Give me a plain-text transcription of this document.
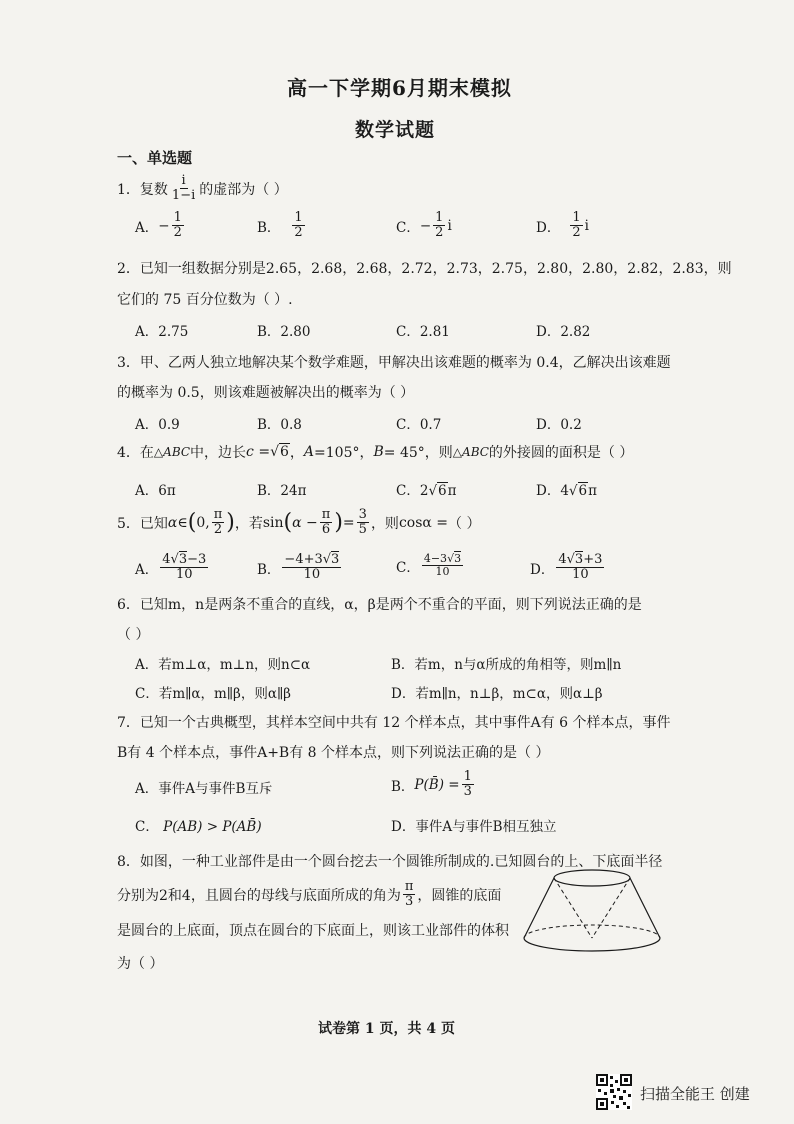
高一下学期6月期末模拟
数学试题
一、单选题
1．复数 $\frac{i}{1-i}$ 的虚部为（ ）
A． − $\frac{1}{2}$	B． $\frac{1}{2}$	C． − $\frac{1}{2}$ i	D． $\frac{1}{2}$ i
2．已知一组数据分别是2.65，2.68，2.68，2.72，2.73，2.75，2.80，2.80，2.82，2.83，则
它们的 75 百分位数为（ ）.
A．2.75	B．2.80	C．2.81	D．2.82
3．甲、乙两人独立地解决某个数学难题，甲解决出该难题的概率为 0.4，乙解决出该难题
的概率为 0.5，则该难题被解决出的概率为（ ）
A．0.9	B．0.8	C．0.7	D．0.2
4．在 △ABC 中，边长 c = √6 ， A =105°， B = 45°，则 △ABC 的外接圆的面积是（ ）
A．6π	B．24π	C．2√6π	D．4√6π
5．已知 α ∈ ( 0, $\frac{\pi}{2}$ ) ，若 sin ( $\alpha - \frac{\pi}{6}$ ) = $\frac{3}{5}$ ，则 cosα = （ ）
A． $\frac{4√3-3}{10}$	B． $\frac{-4+3√3}{10}$	C． $\frac{4-3√3}{10}$	D． $\frac{4√3+3}{10}$
6．已知m，n是两条不重合的直线，α，β是两个不重合的平面，则下列说法正确的是
（ ）
A．若m⊥α，m⊥n，则n⊂α	B．若m，n与α所成的角相等，则m∥n
C．若m∥α，m∥β，则α∥β	D．若m∥n，n⊥β，m⊂α，则α⊥β
7．已知一个古典概型，其样本空间中共有 12 个样本点，其中事件A有 6 个样本点，事件
B有 4 个样本点，事件A+B有 8 个样本点，则下列说法正确的是（ ）
A．事件A与事件B互斥	B． P(B̄) = $\frac{1}{3}$
C． P(AB) > P(AB̄)	D．事件A与事件B相互独立
8．如图，一种工业部件是由一个圆台挖去一个圆锥所制成的.已知圆台的上、下底面半径
分别为2和4，且圆台的母线与底面所成的角为 $\frac{\pi}{3}$ ，圆锥的底面
是圆台的上底面，顶点在圆台的下底面上，则该工业部件的体积
为（ ）
试卷第 1 页，共 4 页
扫描全能王 创建
